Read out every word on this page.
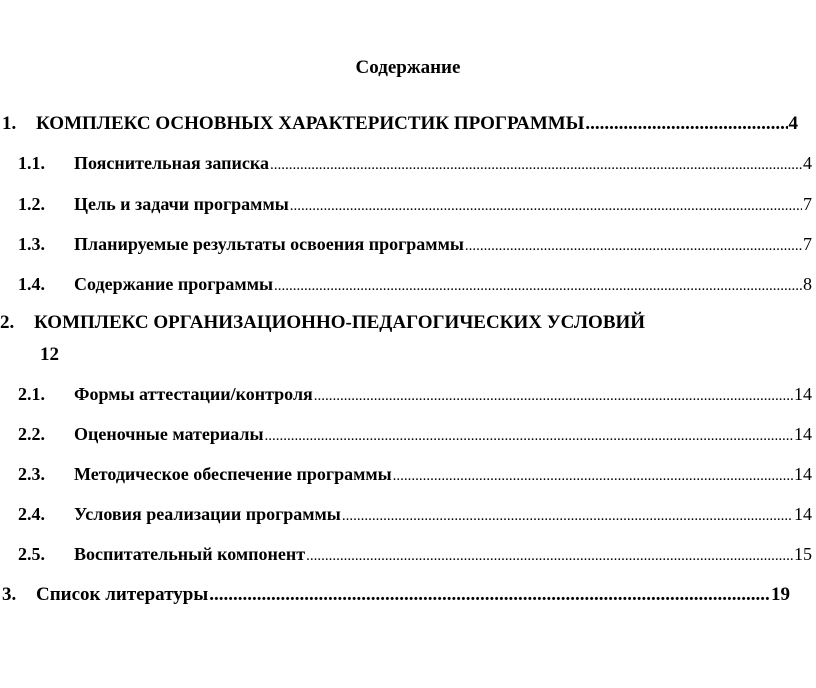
Содержание
1.	КОМПЛЕКС ОСНОВНЫХ ХАРАКТЕРИСТИК ПРОГРАММЫ .....	4
1.1.	Пояснительная записка .....	4
1.2.	Цель и задачи программы .....	7
1.3.	Планируемые результаты освоения программы .....	7
1.4.	Содержание программы .....	8
2. КОМПЛЕКС ОРГАНИЗАЦИОННО-ПЕДАГОГИЧЕСКИХ УСЛОВИЙ
12
2.1.	Формы аттестации/контроля .....	14
2.2.	Оценочные материалы .....	14
2.3.	Методическое обеспечение программы .....	14
2.4.	Условия реализации программы .....	14
2.5.	Воспитательный компонент .....	15
3.	Список литературы .....	19
